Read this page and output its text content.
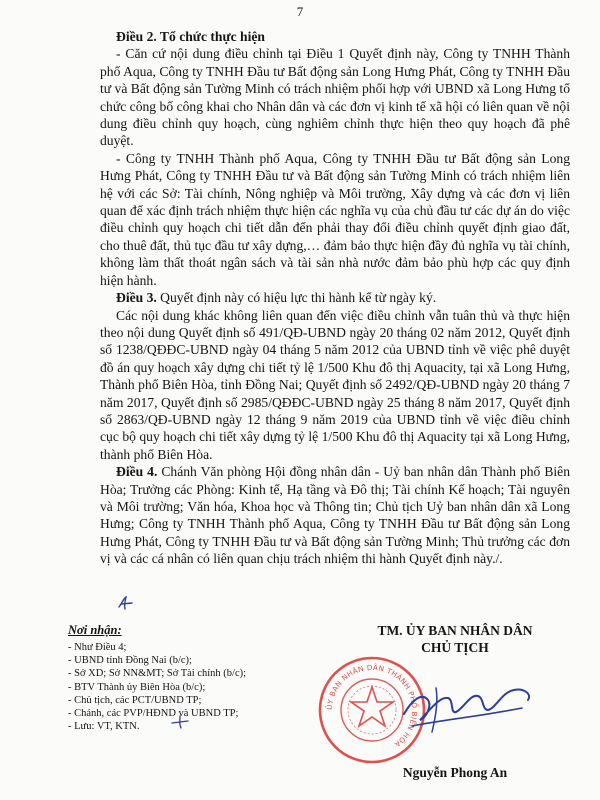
7

Điều 2. Tổ chức thực hiện

- Căn cứ nội dung điều chỉnh tại Điều 1 Quyết định này, Công ty TNHH Thành phố Aqua, Công ty TNHH Đầu tư Bất động sản Long Hưng Phát, Công ty TNHH Đầu tư và Bất động sản Tường Minh có trách nhiệm phối hợp với UBND xã Long Hưng tổ chức công bố công khai cho Nhân dân và các đơn vị kinh tế xã hội có liên quan về nội dung điều chỉnh quy hoạch, cùng nghiêm chỉnh thực hiện theo quy hoạch đã phê duyệt.

- Công ty TNHH Thành phố Aqua, Công ty TNHH Đầu tư Bất động sản Long Hưng Phát, Công ty TNHH Đầu tư và Bất động sản Tường Minh có trách nhiệm liên hệ với các Sở: Tài chính, Nông nghiệp và Môi trường, Xây dựng và các đơn vị liên quan để xác định trách nhiệm thực hiện các nghĩa vụ của chủ đầu tư các dự án do việc điều chỉnh quy hoạch chi tiết dẫn đến phải thay đổi điều chỉnh quyết định giao đất, cho thuê đất, thủ tục đầu tư xây dựng,… đảm bảo thực hiện đầy đủ nghĩa vụ tài chính, không làm thất thoát ngân sách và tài sản nhà nước đảm bảo phù hợp các quy định hiện hành.

Điều 3. Quyết định này có hiệu lực thi hành kể từ ngày ký.

Các nội dung khác không liên quan đến việc điều chỉnh vẫn tuân thủ và thực hiện theo nội dung Quyết định số 491/QĐ-UBND ngày 20 tháng 02 năm 2012, Quyết định số 1238/QĐĐC-UBND ngày 04 tháng 5 năm 2012 của UBND tỉnh về việc phê duyệt đồ án quy hoạch xây dựng chi tiết tỷ lệ 1/500 Khu đô thị Aquacity, tại xã Long Hưng, Thành phố Biên Hòa, tỉnh Đồng Nai; Quyết định số 2492/QĐ-UBND ngày 20 tháng 7 năm 2017, Quyết định số 2985/QĐĐC-UBND ngày 25 tháng 8 năm 2017, Quyết định số 2863/QĐ-UBND ngày 12 tháng 9 năm 2019 của UBND tỉnh về việc điều chỉnh cục bộ quy hoạch chi tiết xây dựng tỷ lệ 1/500 Khu đô thị Aquacity tại xã Long Hưng, thành phố Biên Hòa.

Điều 4. Chánh Văn phòng Hội đồng nhân dân - Uỷ ban nhân dân Thành phố Biên Hòa; Trưởng các Phòng: Kinh tế, Hạ tầng và Đô thị; Tài chính Kế hoạch; Tài nguyên và Môi trường; Văn hóa, Khoa học và Thông tin; Chủ tịch Uỷ ban nhân dân xã Long Hưng; Công ty TNHH Thành phố Aqua, Công ty TNHH Đầu tư Bất động sản Long Hưng Phát, Công ty TNHH Đầu tư và Bất động sản Tường Minh; Thủ trưởng các đơn vị và các cá nhân có liên quan chịu trách nhiệm thi hành Quyết định này./.

Nơi nhận:
- Như Điều 4;
- UBND tỉnh Đồng Nai (b/c);
- Sở XD; Sở NN&MT; Sở Tài chính (b/c);
- BTV Thành ủy Biên Hòa (b/c);
- Chủ tịch, các PCT/UBND TP;
- Chánh, các PVP/HĐND và UBND TP;
- Lưu: VT, KTN.
TM. ỦY BAN NHÂN DÂN
CHỦ TỊCH
ỦY BAN NHÂN DÂN THÀNH PHỐ BIÊN HÒA
Nguyễn Phong An
